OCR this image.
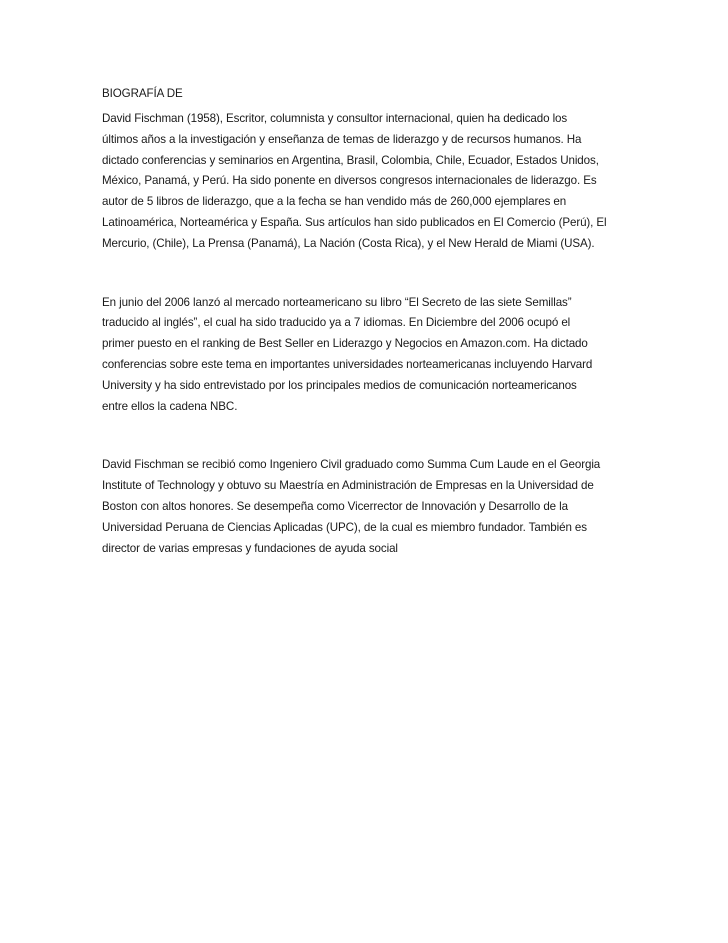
BIOGRAFÍA DE

David Fischman (1958), Escritor, columnista y consultor internacional, quien ha dedicado los
últimos años a la investigación y enseñanza de temas de liderazgo y de recursos humanos. Ha
dictado conferencias y seminarios en Argentina, Brasil, Colombia, Chile, Ecuador, Estados Unidos,
México, Panamá, y Perú. Ha sido ponente en diversos congresos internacionales de liderazgo. Es
autor de 5 libros de liderazgo, que a la fecha se han vendido más de 260,000 ejemplares en
Latinoamérica, Norteamérica y España. Sus artículos han sido publicados en El Comercio (Perú), El
Mercurio, (Chile), La Prensa (Panamá), La Nación (Costa Rica), y el New Herald de Miami (USA).

En junio del 2006 lanzó al mercado norteamericano su libro “El Secreto de las siete Semillas”
traducido al inglés”, el cual ha sido traducido ya a 7 idiomas. En Diciembre del 2006 ocupó el
primer puesto en el ranking de Best Seller en Liderazgo y Negocios en Amazon.com. Ha dictado
conferencias sobre este tema en importantes universidades norteamericanas incluyendo Harvard
University y ha sido entrevistado por los principales medios de comunicación norteamericanos
entre ellos la cadena NBC.

David Fischman se recibió como Ingeniero Civil graduado como Summa Cum Laude en el Georgia
Institute of Technology y obtuvo su Maestría en Administración de Empresas en la Universidad de
Boston con altos honores. Se desempeña como Vicerrector de Innovación y Desarrollo de la
Universidad Peruana de Ciencias Aplicadas (UPC), de la cual es miembro fundador. También es
director de varias empresas y fundaciones de ayuda social
